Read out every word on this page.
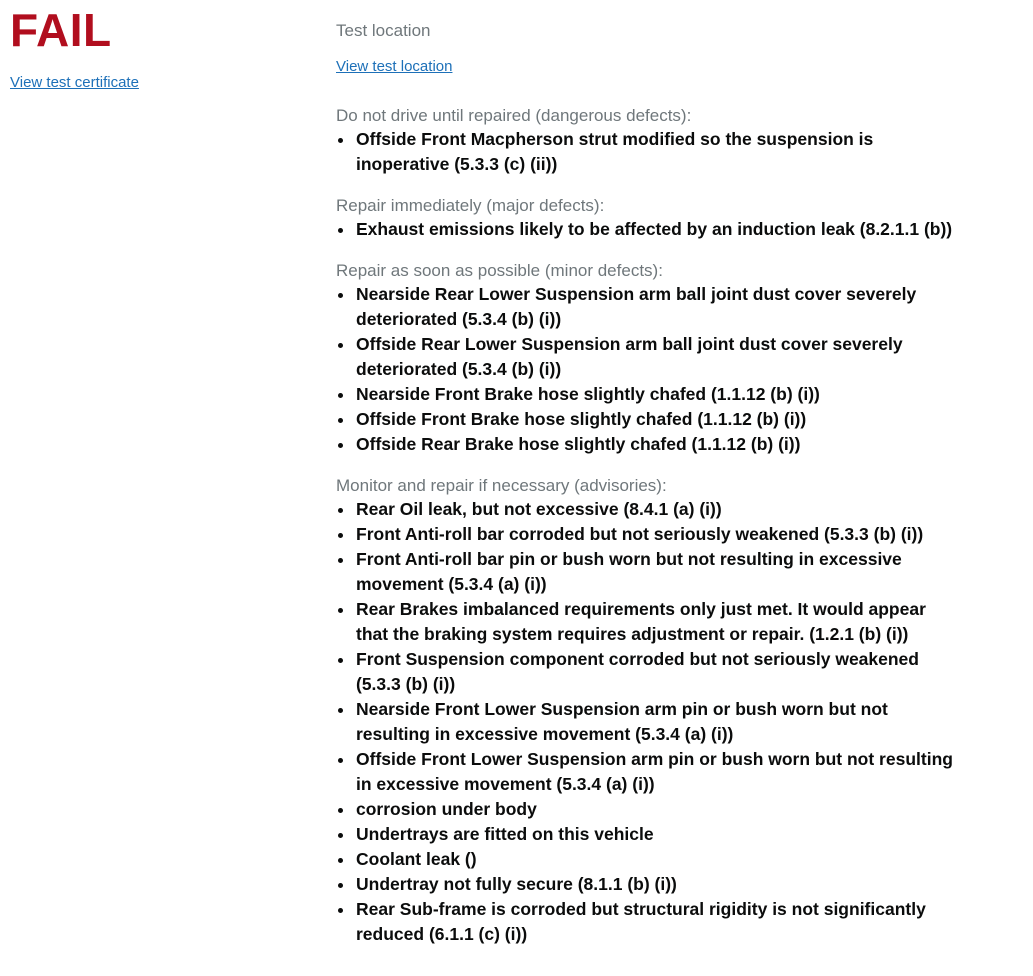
FAIL
View test certificate
Test location
View test location
Do not drive until repaired (dangerous defects):
Offside Front Macpherson strut modified so the suspension is inoperative (5.3.3 (c) (ii))
Repair immediately (major defects):
Exhaust emissions likely to be affected by an induction leak (8.2.1.1 (b))
Repair as soon as possible (minor defects):
Nearside Rear Lower Suspension arm ball joint dust cover severely deteriorated (5.3.4 (b) (i))
Offside Rear Lower Suspension arm ball joint dust cover severely deteriorated (5.3.4 (b) (i))
Nearside Front Brake hose slightly chafed (1.1.12 (b) (i))
Offside Front Brake hose slightly chafed (1.1.12 (b) (i))
Offside Rear Brake hose slightly chafed (1.1.12 (b) (i))
Monitor and repair if necessary (advisories):
Rear Oil leak, but not excessive (8.4.1 (a) (i))
Front Anti-roll bar corroded but not seriously weakened (5.3.3 (b) (i))
Front Anti-roll bar pin or bush worn but not resulting in excessive movement (5.3.4 (a) (i))
Rear Brakes imbalanced requirements only just met. It would appear that the braking system requires adjustment or repair. (1.2.1 (b) (i))
Front Suspension component corroded but not seriously weakened (5.3.3 (b) (i))
Nearside Front Lower Suspension arm pin or bush worn but not resulting in excessive movement (5.3.4 (a) (i))
Offside Front Lower Suspension arm pin or bush worn but not resulting in excessive movement (5.3.4 (a) (i))
corrosion under body
Undertrays are fitted on this vehicle
Coolant leak ()
Undertray not fully secure (8.1.1 (b) (i))
Rear Sub-frame is corroded but structural rigidity is not significantly reduced (6.1.1 (c) (i))
